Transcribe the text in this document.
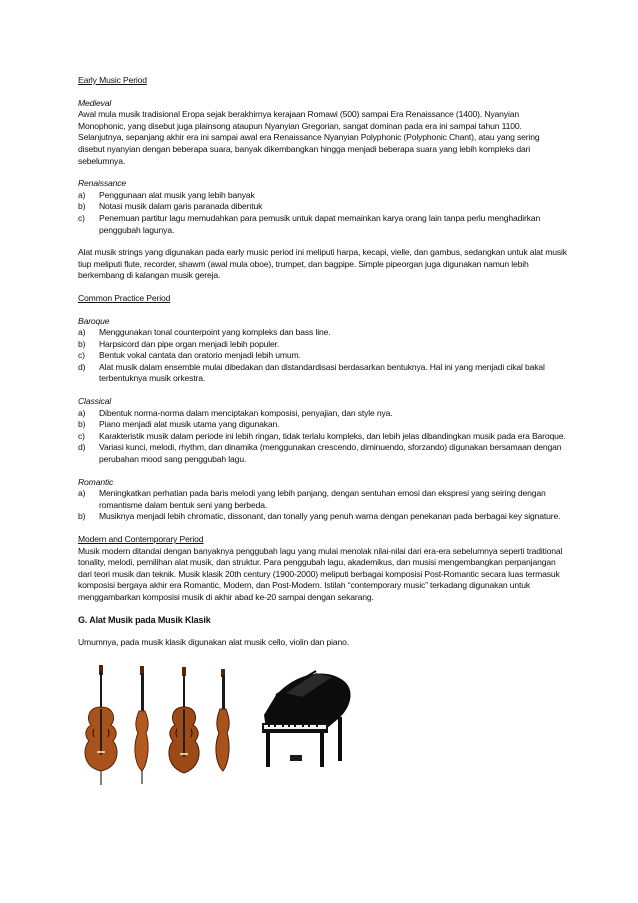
Early Music Period

Medieval

Awal mula musik tradisional Eropa sejak berakhirnya kerajaan Romawi (500) sampai Era Renaissance (1400). Nyanyian Monophonic, yang disebut juga plainsong ataupun Nyanyian Gregorian, sangat dominan pada era ini sampai tahun 1100. Selanjutnya, sepanjang akhir era ini sampai awal era Renaissance Nyanyian Polyphonic (Polyphonic Chant), atau yang sering disebut nyanyian dengan beberapa suara, banyak dikembangkan hingga menjadi beberapa suara yang lebih kompleks dari sebelumnya.

Renaissance

a) Penggunaan alat musik yang lebih banyak
b) Notasi musik dalam garis paranada dibentuk
c) Penemuan partitur lagu memudahkan para pemusik untuk dapat memainkan karya orang lain tanpa perlu menghadirkan penggubah lagunya.

Alat musik strings yang digunakan pada early music period ini meliputi harpa, kecapi, vielle, dan gambus, sedangkan untuk alat musik tiup meliputi flute, recorder, shawm (awal mula oboe), trumpet, dan bagpipe. Simple pipeorgan juga digunakan namun lebih berkembang di kalangan musik gereja.

Common Practice Period

Baroque

a) Menggunakan tonal counterpoint yang kompleks dan bass line.
b) Harpsicord dan pipe organ menjadi lebih populer.
c) Bentuk vokal cantata dan oratorio menjadi lebih umum.
d) Alat musik dalam ensemble mulai dibedakan dan distandardisasi berdasarkan bentuknya. Hal ini yang menjadi cikal bakal terbentuknya musik orkestra.

Classical

a) Dibentuk norma-norma dalam menciptakan komposisi, penyajian, dan style nya.
b) Piano menjadi alat musik utama yang digunakan.
c) Karakteristik musik dalam periode ini lebih ringan, tidak terlalu kompleks, dan lebih jelas dibandingkan musik pada era Baroque.
d) Variasi kunci, melodi, rhythm, dan dinamika (menggunakan crescendo, diminuendo, sforzando) digunakan bersamaan dengan perubahan mood sang penggubah lagu.

Romantic

a) Meningkatkan perhatian pada baris melodi yang lebih panjang, dengan sentuhan emosi dan ekspresi yang seiring dengan romantisme dalam bentuk seni yang berbeda.
b) Musiknya menjadi lebih chromatic, dissonant, dan tonally yang penuh warna dengan penekanan pada berbagai key signature.

Modern and Contemporary Period

Musik modern ditandai dengan banyaknya penggubah lagu yang mulai menolak nilai-nilai dari era-era sebelumnya seperti traditional tonality, melodi, pemilihan alat musik, dan struktur. Para penggubah lagu, akademikus, dan musisi mengembangkan perpanjangan dari teori musik dan teknik. Musik klasik 20th century (1900-2000) meliputi berbagai komposisi Post-Romantic secara luas termasuk komposisi bergaya akhir era Romantic, Modern, dan Post-Modern. Istilah “contemporary music” terkadang digunakan untuk menggambarkan komposisi musik di akhir abad ke-20 sampai dengan sekarang.

G. Alat Musik pada Musik Klasik

Umumnya, pada musik klasik digunakan alat musik cello, violin dan piano.
